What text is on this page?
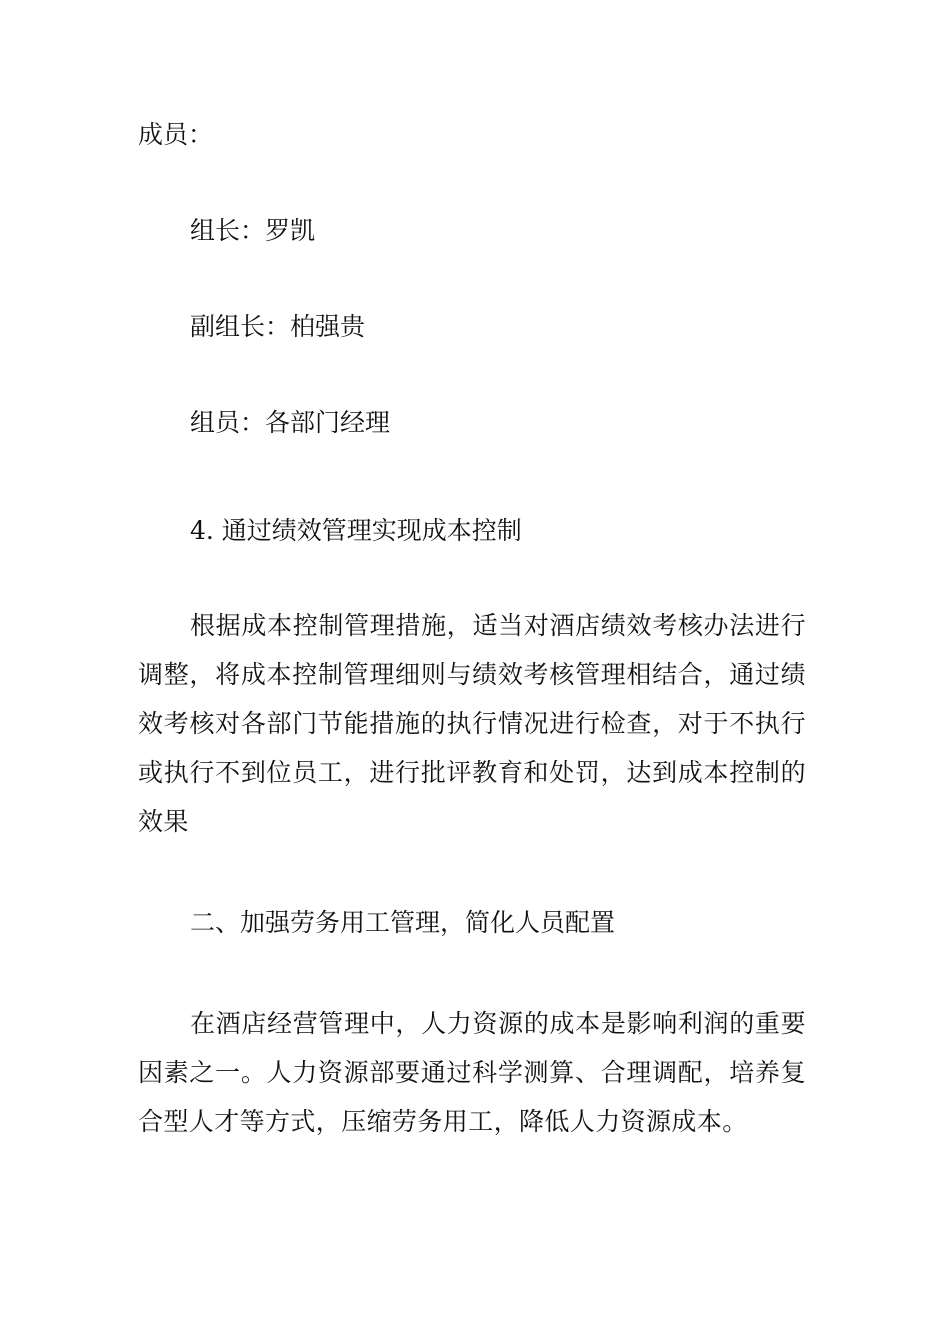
成员：

组长：罗凯

副组长：柏强贵

组员：各部门经理

4. 通过绩效管理实现成本控制

根据成本控制管理措施，适当对酒店绩效考核办法进行调整，将成本控制管理细则与绩效考核管理相结合，通过绩效考核对各部门节能措施的执行情况进行检查，对于不执行或执行不到位员工，进行批评教育和处罚，达到成本控制的效果

二、加强劳务用工管理，简化人员配置

在酒店经营管理中，人力资源的成本是影响利润的重要因素之一。人力资源部要通过科学测算、合理调配，培养复合型人才等方式，压缩劳务用工，降低人力资源成本。
